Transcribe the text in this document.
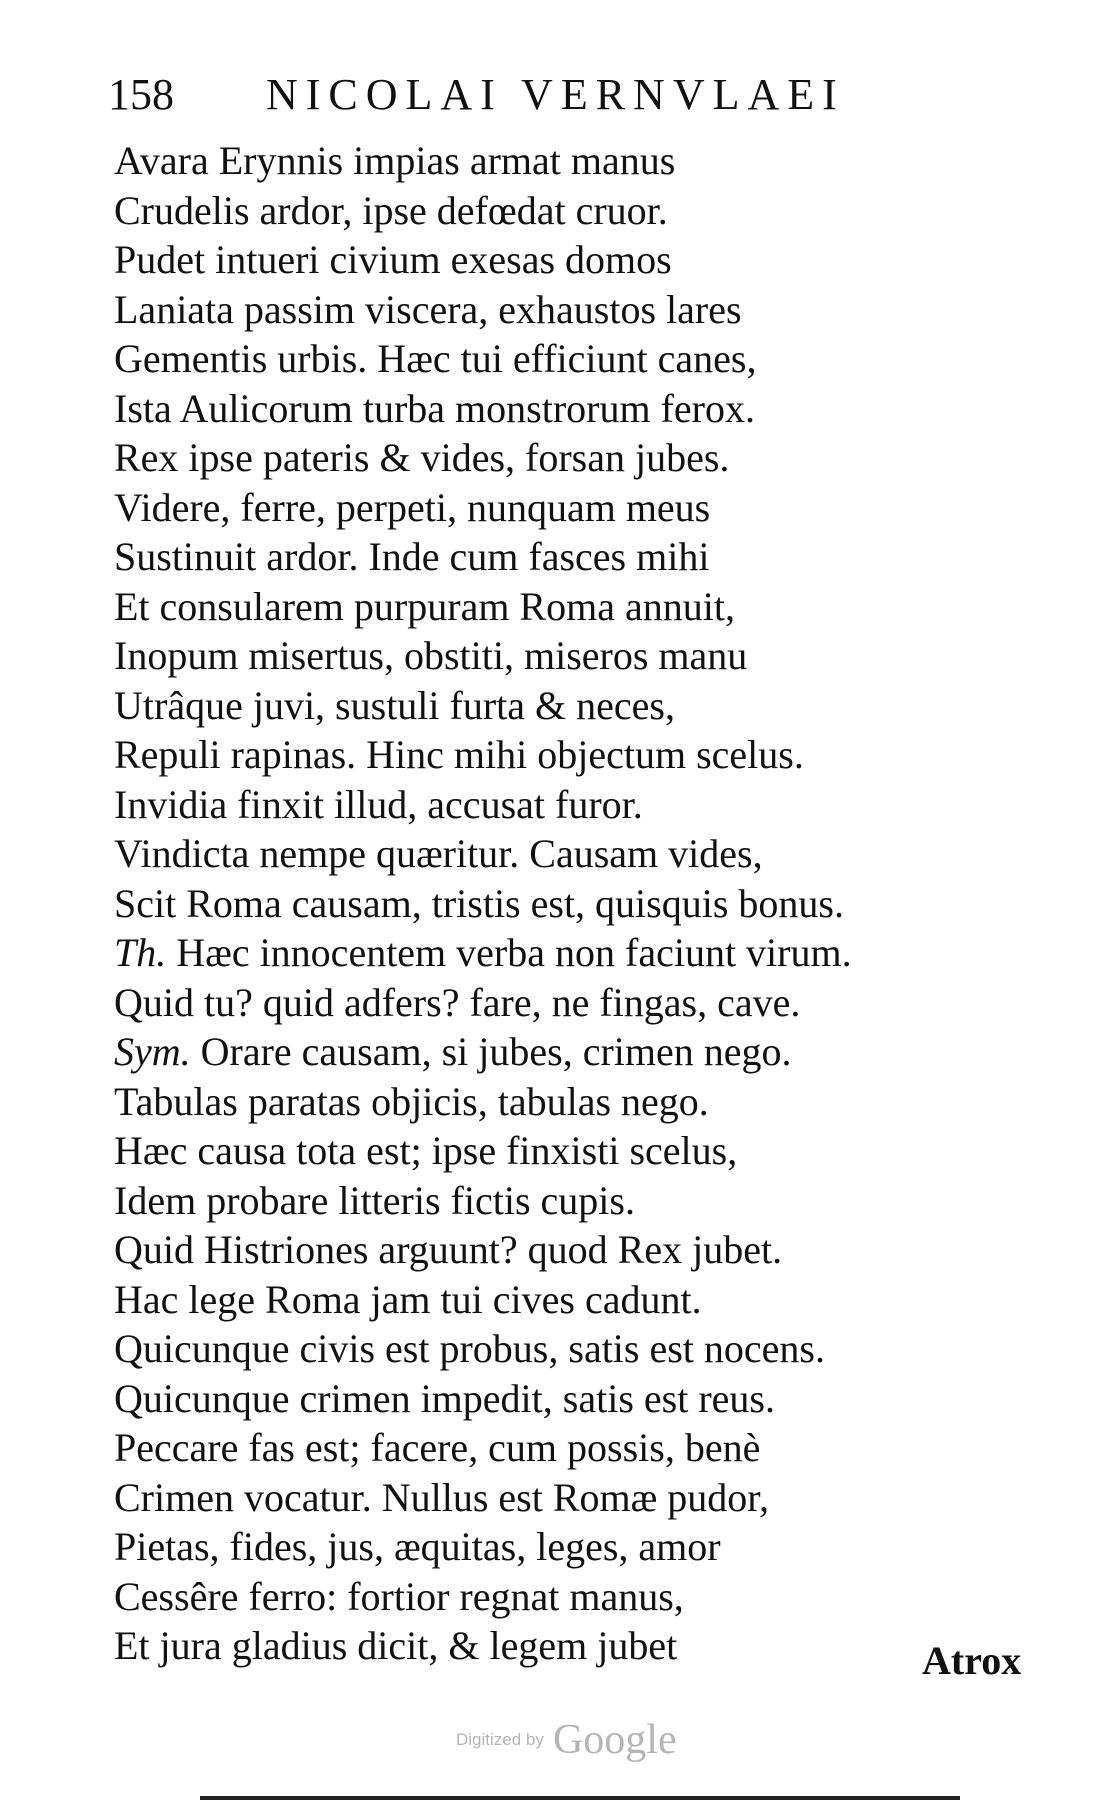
158 NICOLAI VERNVLAEI
Avara Erynnis impias armat manus
Crudelis ardor, ipse defœdat cruor.
Pudet intueri civium exesas domos
Laniata passim viscera, exhaustos lares
Gementis urbis. Hæc tui efficiunt canes,
Ista Aulicorum turba monstrorum ferox.
Rex ipse pateris & vides, forsan jubes.
Videre, ferre, perpeti, nunquam meus
Sustinuit ardor. Inde cum fasces mihi
Et consularem purpuram Roma annuit,
Inopum misertus, obstiti, miseros manu
Utrâque juvi, sustuli furta & neces,
Repuli rapinas. Hinc mihi objectum scelus.
Invidia finxit illud, accusat furor.
Vindicta nempe quæritur. Causam vides,
Scit Roma causam, tristis est, quisquis bonus.
Th. Hæc innocentem verba non faciunt virum.
Quid tu? quid adfers? fare, ne fingas, cave.
Sym. Orare causam, si jubes, crimen nego.
Tabulas paratas objicis, tabulas nego.
Hæc causa tota est; ipse finxisti scelus,
Idem probare litteris fictis cupis.
Quid Histriones arguunt? quod Rex jubet.
Hac lege Roma jam tui cives cadunt.
Quicunque civis est probus, satis est nocens.
Quicunque crimen impedit, satis est reus.
Peccare fas est; facere, cum possis, benè
Crimen vocatur. Nullus est Romæ pudor,
Pietas, fides, jus, æquitas, leges, amor
Cessêre ferro: fortior regnat manus,
Et jura gladius dicit, & legem jubet	Atrox
Digitized by Google
